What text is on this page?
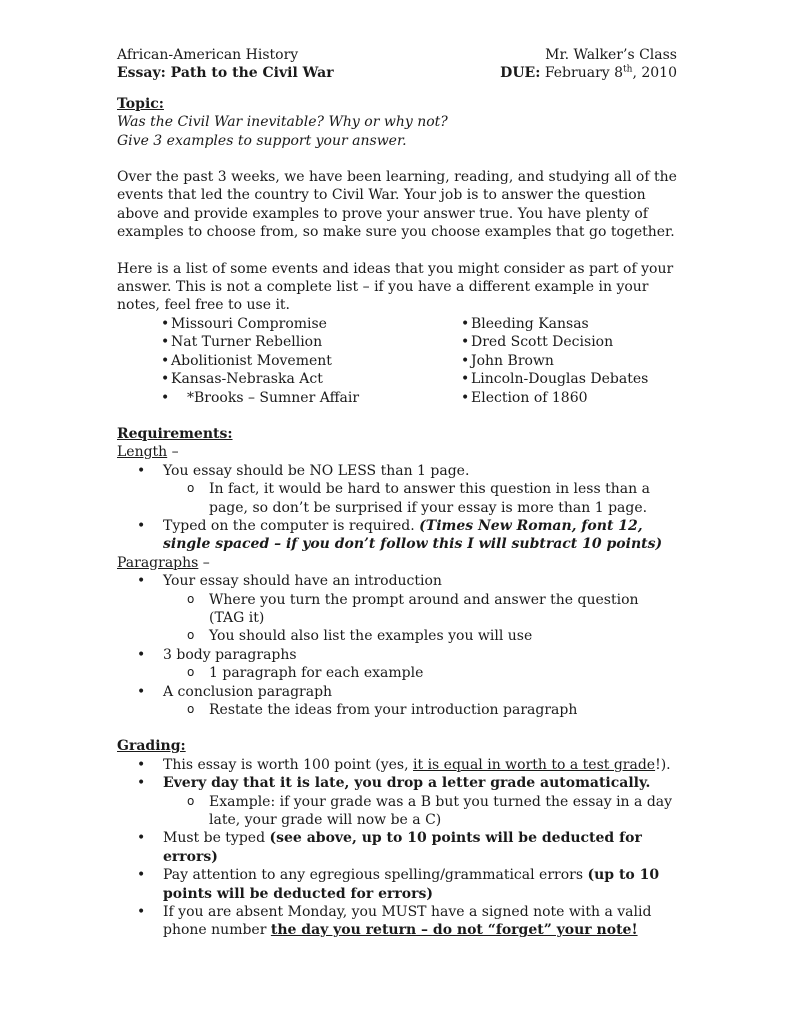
African-American History	Mr. Walker’s Class
Essay: Path to the Civil War	DUE: February 8th, 2010

Topic:

Was the Civil War inevitable? Why or why not?

Give 3 examples to support your answer.

Over the past 3 weeks, we have been learning, reading, and studying all of the events that led the country to Civil War. Your job is to answer the question above and provide examples to prove your answer true. You have plenty of examples to choose from, so make sure you choose examples that go together.

Here is a list of some events and ideas that you might consider as part of your answer. This is not a complete list – if you have a different example in your notes, feel free to use it.

• Missouri Compromise
• Nat Turner Rebellion
• Abolitionist Movement
• Kansas-Nebraska Act
•	*Brooks – Sumner Affair
• Bleeding Kansas
• Dred Scott Decision
• John Brown
• Lincoln-Douglas Debates
• Election of 1860

Requirements:

Length –

• You essay should be NO LESS than 1 page.
o In fact, it would be hard to answer this question in less than a page, so don’t be surprised if your essay is more than 1 page.
• Typed on the computer is required. (Times New Roman, font 12, single spaced – if you don’t follow this I will subtract 10 points)

Paragraphs –

• Your essay should have an introduction
o Where you turn the prompt around and answer the question (TAG it)
o You should also list the examples you will use
• 3 body paragraphs
o 1 paragraph for each example
• A conclusion paragraph
o Restate the ideas from your introduction paragraph

Grading:

• This essay is worth 100 point (yes, it is equal in worth to a test grade!).
• Every day that it is late, you drop a letter grade automatically.
o Example: if your grade was a B but you turned the essay in a day late, your grade will now be a C)
• Must be typed (see above, up to 10 points will be deducted for errors)
• Pay attention to any egregious spelling/grammatical errors (up to 10 points will be deducted for errors)
• If you are absent Monday, you MUST have a signed note with a valid phone number the day you return – do not “forget” your note!
